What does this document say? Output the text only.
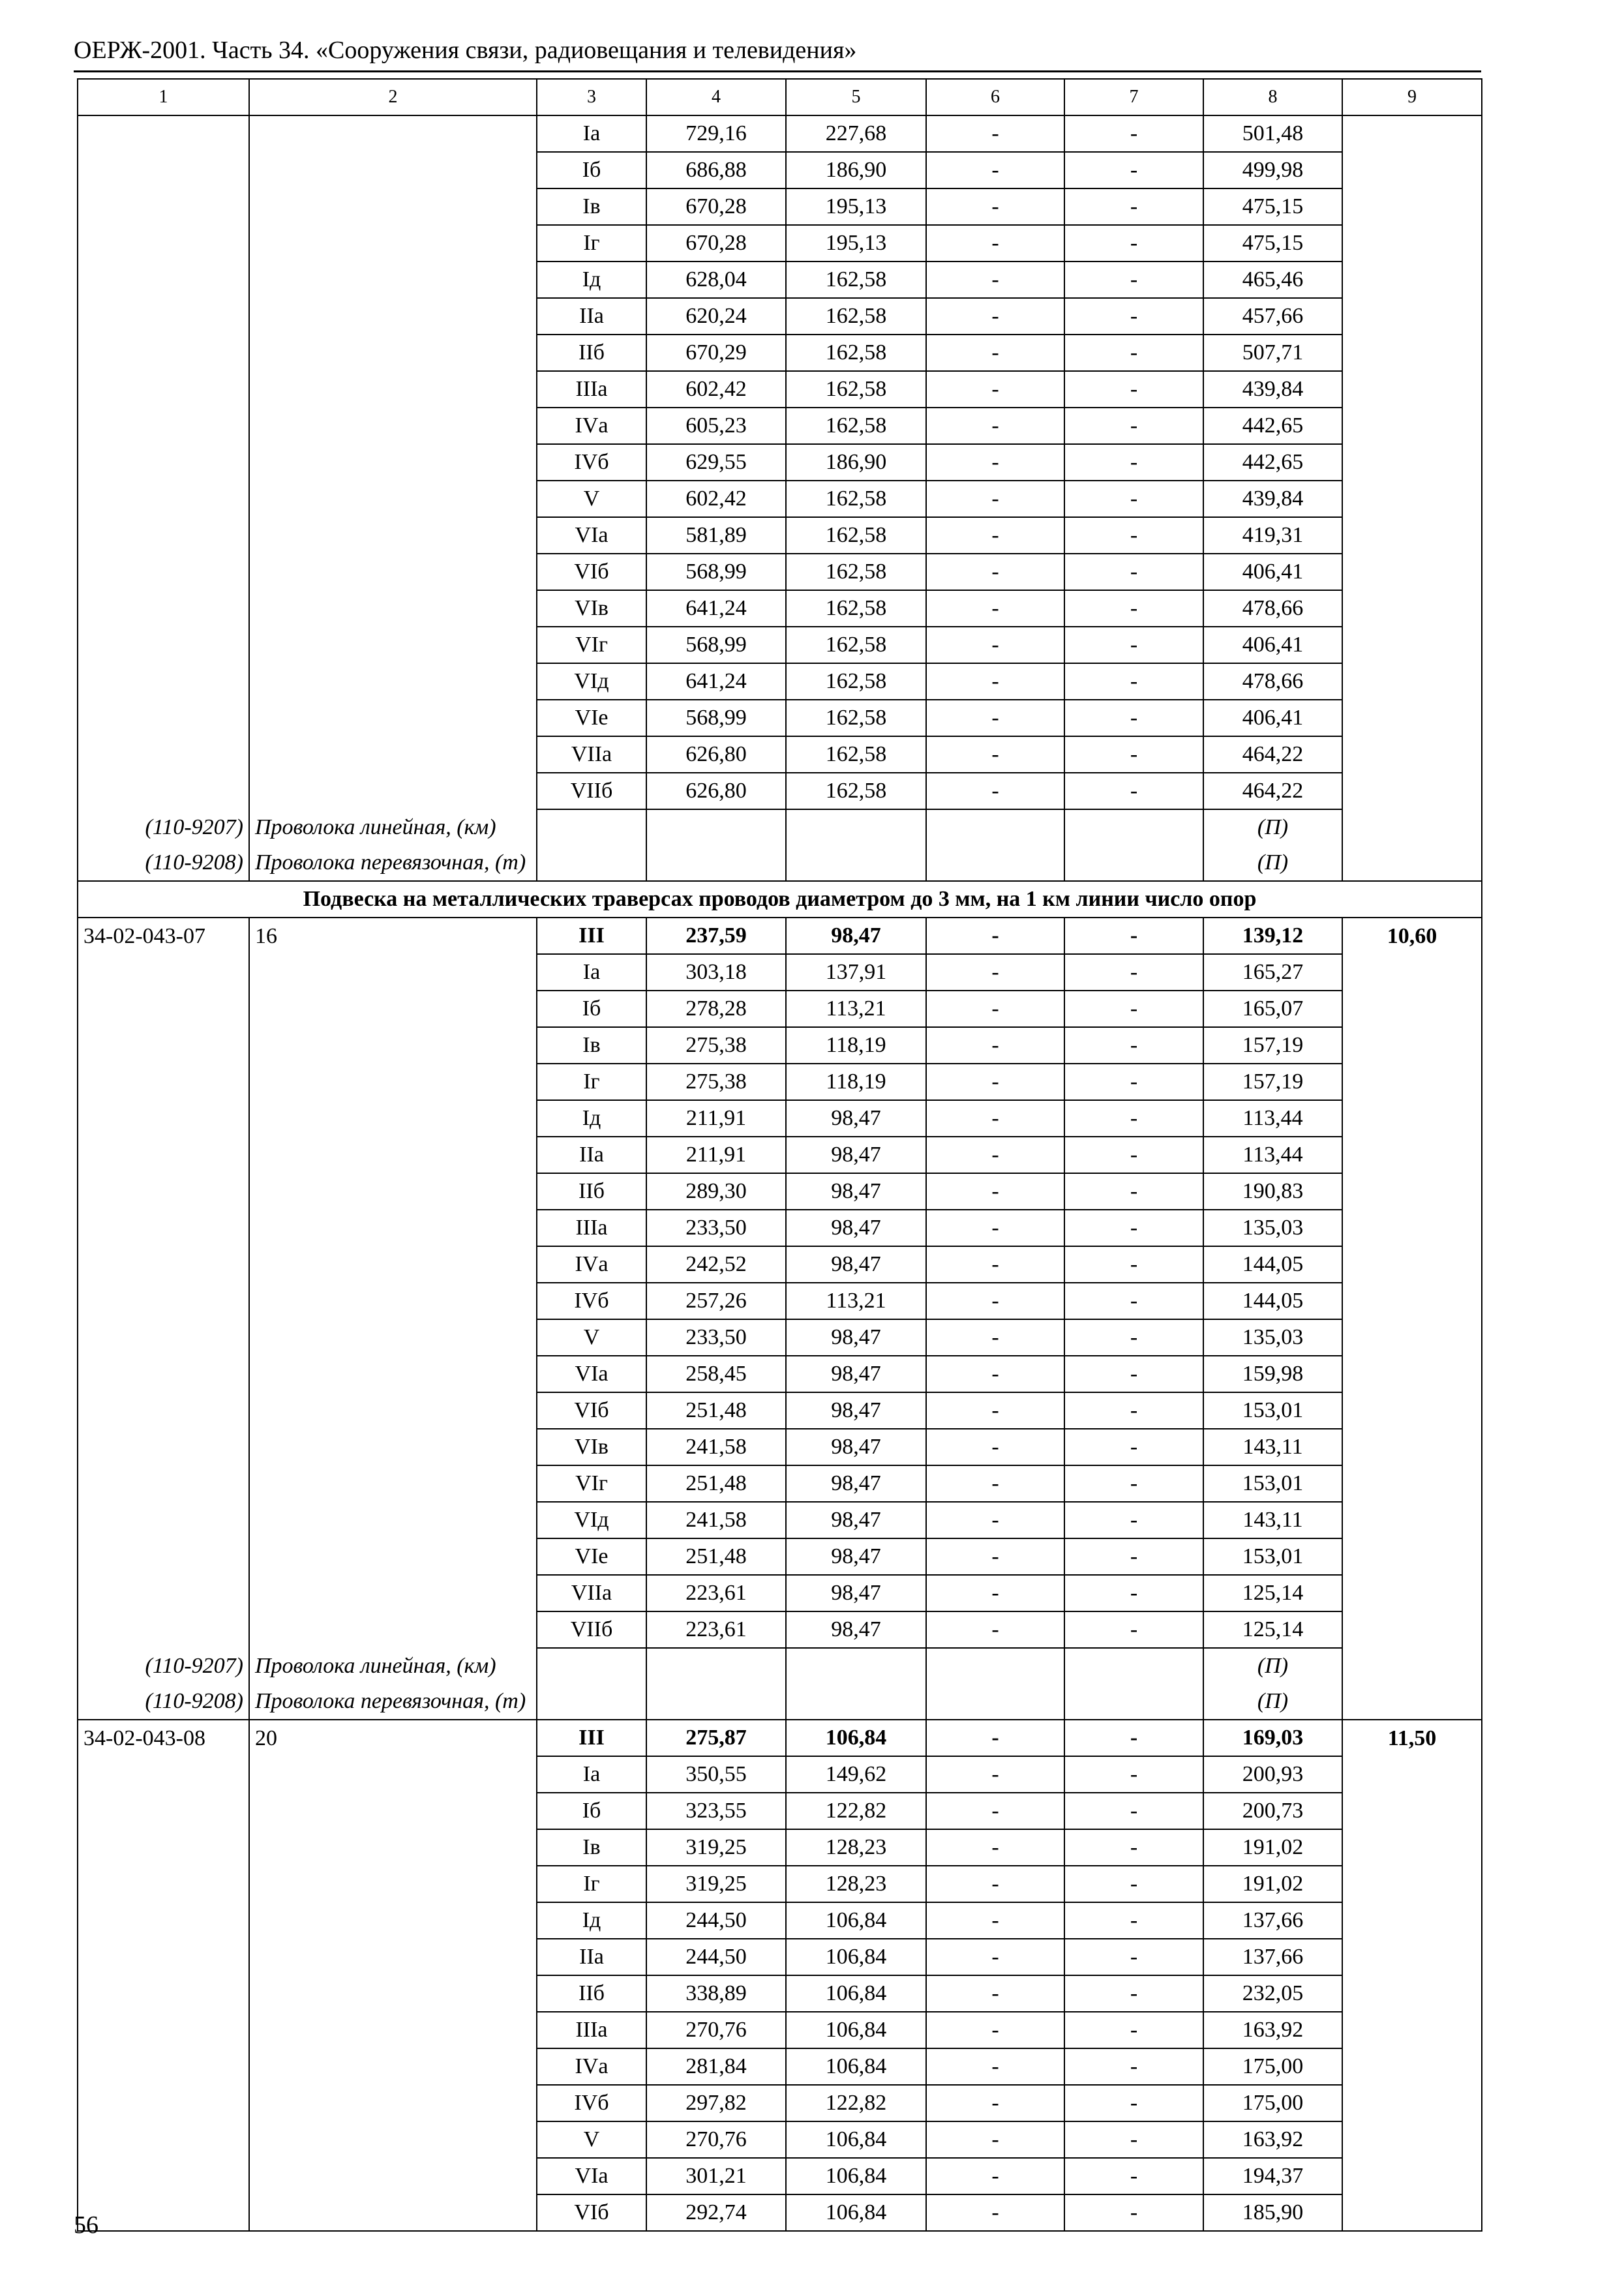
ОЕРЖ-2001. Часть 34. «Сооружения связи, радиовещания и телевидения»
1	2	3	4	5	6	7	8	9
		Iа	729,16	227,68	-	-	501,48	
		Iб	686,88	186,90	-	-	499,98	
		Iв	670,28	195,13	-	-	475,15	
		Iг	670,28	195,13	-	-	475,15	
		Iд	628,04	162,58	-	-	465,46	
		IIа	620,24	162,58	-	-	457,66	
		IIб	670,29	162,58	-	-	507,71	
		IIIа	602,42	162,58	-	-	439,84	
		IVа	605,23	162,58	-	-	442,65	
		IVб	629,55	186,90	-	-	442,65	
		V	602,42	162,58	-	-	439,84	
		VIа	581,89	162,58	-	-	419,31	
		VIб	568,99	162,58	-	-	406,41	
		VIв	641,24	162,58	-	-	478,66	
		VIг	568,99	162,58	-	-	406,41	
		VIд	641,24	162,58	-	-	478,66	
		VIе	568,99	162,58	-	-	406,41	
		VIIа	626,80	162,58	-	-	464,22	
		VIIб	626,80	162,58	-	-	464,22	
(110-9207)	Проволока линейная, (км)						(П)	
(110-9208)	Проволока перевязочная, (т)						(П)	
Подвеска на металлических траверсах проводов диаметром до 3 мм, на 1 км линии число опор								
34-02-043-07	16	III	237,59	98,47	-	-	139,12	10,60
		Iа	303,18	137,91	-	-	165,27	
		Iб	278,28	113,21	-	-	165,07	
		Iв	275,38	118,19	-	-	157,19	
		Iг	275,38	118,19	-	-	157,19	
		Iд	211,91	98,47	-	-	113,44	
		IIа	211,91	98,47	-	-	113,44	
		IIб	289,30	98,47	-	-	190,83	
		IIIа	233,50	98,47	-	-	135,03	
		IVа	242,52	98,47	-	-	144,05	
		IVб	257,26	113,21	-	-	144,05	
		V	233,50	98,47	-	-	135,03	
		VIа	258,45	98,47	-	-	159,98	
		VIб	251,48	98,47	-	-	153,01	
		VIв	241,58	98,47	-	-	143,11	
		VIг	251,48	98,47	-	-	153,01	
		VIд	241,58	98,47	-	-	143,11	
		VIе	251,48	98,47	-	-	153,01	
		VIIа	223,61	98,47	-	-	125,14	
		VIIб	223,61	98,47	-	-	125,14	
(110-9207)	Проволока линейная, (км)						(П)	
(110-9208)	Проволока перевязочная, (т)						(П)	
34-02-043-08	20	III	275,87	106,84	-	-	169,03	11,50
		Iа	350,55	149,62	-	-	200,93	
		Iб	323,55	122,82	-	-	200,73	
		Iв	319,25	128,23	-	-	191,02	
		Iг	319,25	128,23	-	-	191,02	
		Iд	244,50	106,84	-	-	137,66	
		IIа	244,50	106,84	-	-	137,66	
		IIб	338,89	106,84	-	-	232,05	
		IIIа	270,76	106,84	-	-	163,92	
		IVа	281,84	106,84	-	-	175,00	
		IVб	297,82	122,82	-	-	175,00	
		V	270,76	106,84	-	-	163,92	
		VIа	301,21	106,84	-	-	194,37	
		VIб	292,74	106,84	-	-	185,90	
56
